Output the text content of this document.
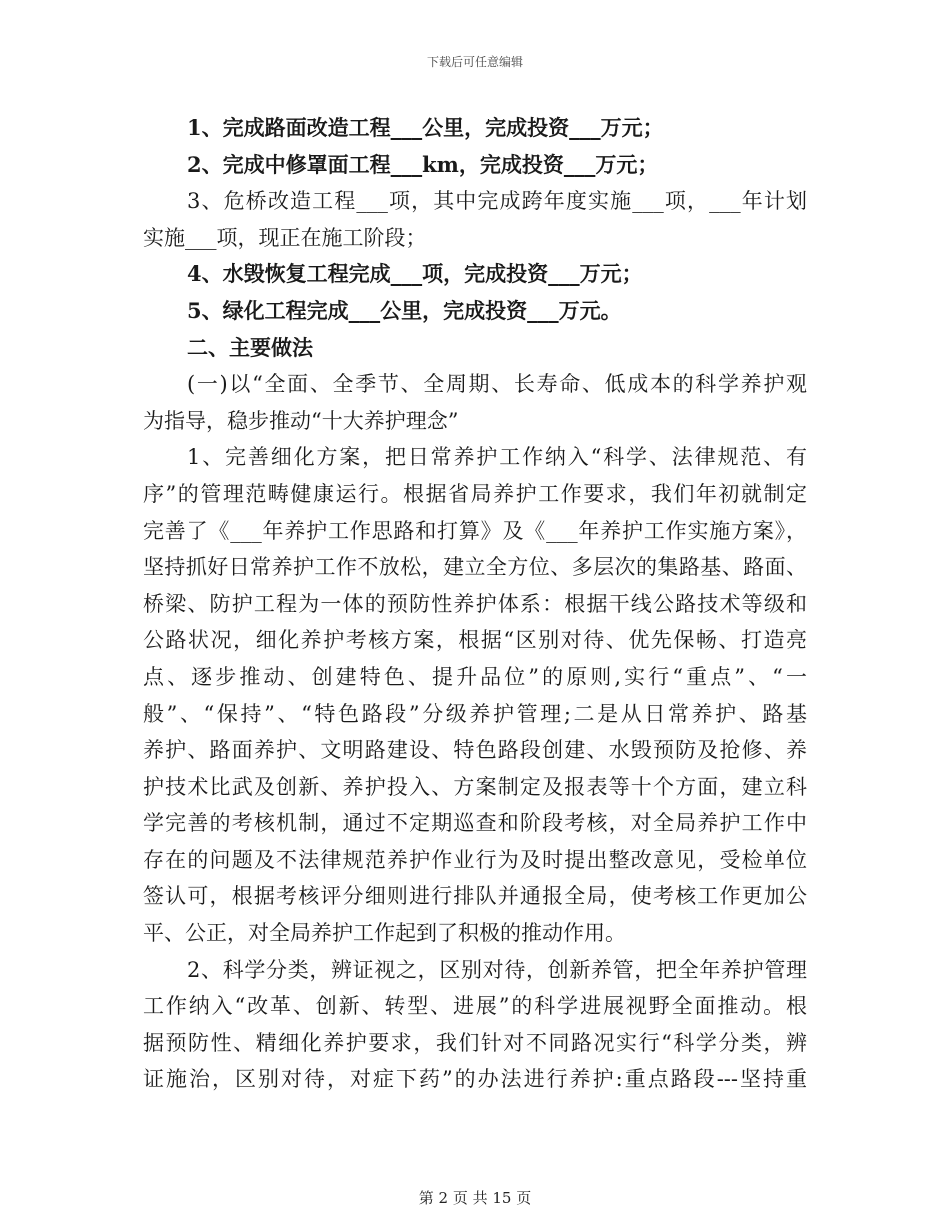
下载后可任意编辑
1、完成路面改造工程___公里，完成投资___万元；
2、完成中修罩面工程___km，完成投资___万元；
3、危桥改造工程___项，其中完成跨年度实施___项，___年计划
实施___项，现正在施工阶段；
4、水毁恢复工程完成___项，完成投资___万元；
5、绿化工程完成___公里，完成投资___万元。
二、主要做法
(一)以“全面、全季节、全周期、长寿命、低成本的科学养护观
为指导，稳步推动“十大养护理念”
1、完善细化方案，把日常养护工作纳入“科学、法律规范、有
序”的管理范畴健康运行。根据省局养护工作要求，我们年初就制定
完善了《___年养护工作思路和打算》及《___年养护工作实施方案》，
坚持抓好日常养护工作不放松，建立全方位、多层次的集路基、路面、
桥梁、防护工程为一体的预防性养护体系：根据干线公路技术等级和
公路状况，细化养护考核方案，根据“区别对待、优先保畅、打造亮
点、逐步推动、创建特色、提升品位”的原则,实行“重点”、“一
般”、“保持”、“特色路段”分级养护管理;二是从日常养护、路基
养护、路面养护、文明路建设、特色路段创建、水毁预防及抢修、养
护技术比武及创新、养护投入、方案制定及报表等十个方面，建立科
学完善的考核机制，通过不定期巡查和阶段考核，对全局养护工作中
存在的问题及不法律规范养护作业行为及时提出整改意见，受检单位
签认可，根据考核评分细则进行排队并通报全局，使考核工作更加公
平、公正，对全局养护工作起到了积极的推动作用。
2、科学分类，辨证视之，区别对待，创新养管，把全年养护管理
工作纳入“改革、创新、转型、进展”的科学进展视野全面推动。根
据预防性、精细化养护要求，我们针对不同路况实行“科学分类，辨
证施治，区别对待，对症下药”的办法进行养护:重点路段---坚持重
第 2 页 共 15 页
